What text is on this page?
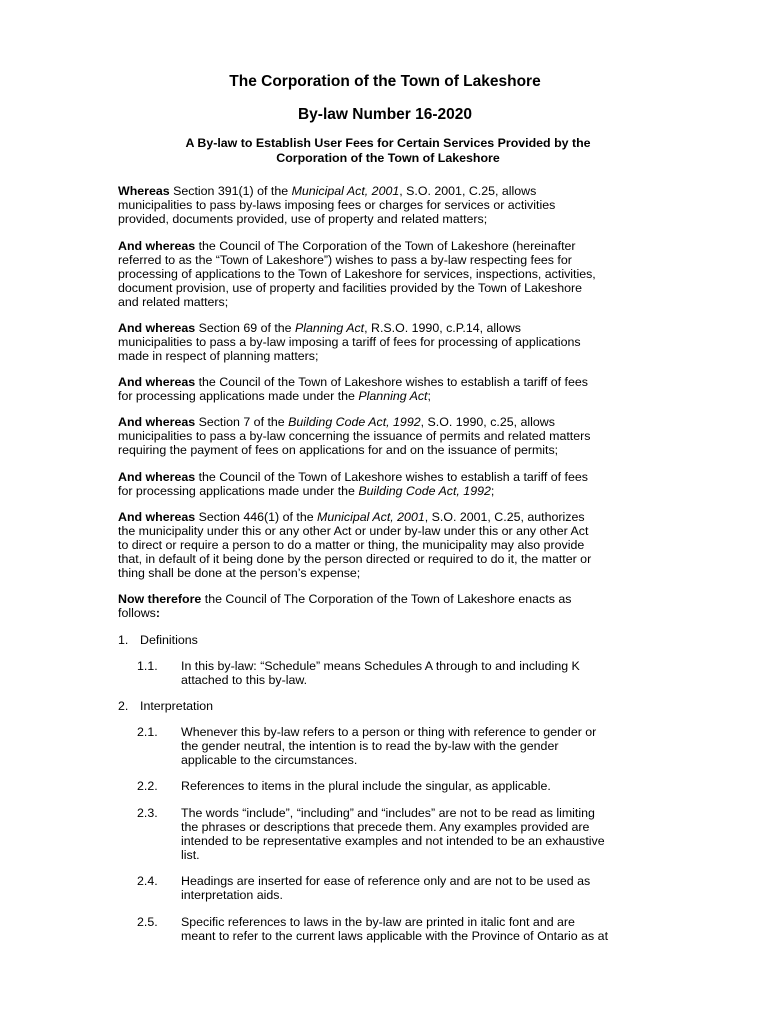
The Corporation of the Town of Lakeshore
By-law Number 16-2020
A By-law to Establish User Fees for Certain Services Provided by the
Corporation of the Town of Lakeshore
Whereas Section 391(1) of the Municipal Act, 2001, S.O. 2001, C.25, allows
municipalities to pass by-laws imposing fees or charges for services or activities
provided, documents provided, use of property and related matters;
And whereas the Council of The Corporation of the Town of Lakeshore (hereinafter
referred to as the “Town of Lakeshore”) wishes to pass a by-law respecting fees for
processing of applications to the Town of Lakeshore for services, inspections, activities,
document provision, use of property and facilities provided by the Town of Lakeshore
and related matters;
And whereas Section 69 of the Planning Act, R.S.O. 1990, c.P.14, allows
municipalities to pass a by-law imposing a tariff of fees for processing of applications
made in respect of planning matters;
And whereas the Council of the Town of Lakeshore wishes to establish a tariff of fees
for processing applications made under the Planning Act;
And whereas Section 7 of the Building Code Act, 1992, S.O. 1990, c.25, allows
municipalities to pass a by-law concerning the issuance of permits and related matters
requiring the payment of fees on applications for and on the issuance of permits;
And whereas the Council of the Town of Lakeshore wishes to establish a tariff of fees
for processing applications made under the Building Code Act, 1992;
And whereas Section 446(1) of the Municipal Act, 2001, S.O. 2001, C.25, authorizes
the municipality under this or any other Act or under by-law under this or any other Act
to direct or require a person to do a matter or thing, the municipality may also provide
that, in default of it being done by the person directed or required to do it, the matter or
thing shall be done at the person’s expense;
Now therefore the Council of The Corporation of the Town of Lakeshore enacts as
follows:
1. Definitions
1.1. In this by-law: “Schedule” means Schedules A through to and including K
attached to this by-law.
2. Interpretation
2.1. Whenever this by-law refers to a person or thing with reference to gender or
the gender neutral, the intention is to read the by-law with the gender
applicable to the circumstances.
2.2. References to items in the plural include the singular, as applicable.
2.3. The words “include”, “including” and “includes” are not to be read as limiting
the phrases or descriptions that precede them. Any examples provided are
intended to be representative examples and not intended to be an exhaustive
list.
2.4. Headings are inserted for ease of reference only and are not to be used as
interpretation aids.
2.5. Specific references to laws in the by-law are printed in italic font and are
meant to refer to the current laws applicable with the Province of Ontario as at
